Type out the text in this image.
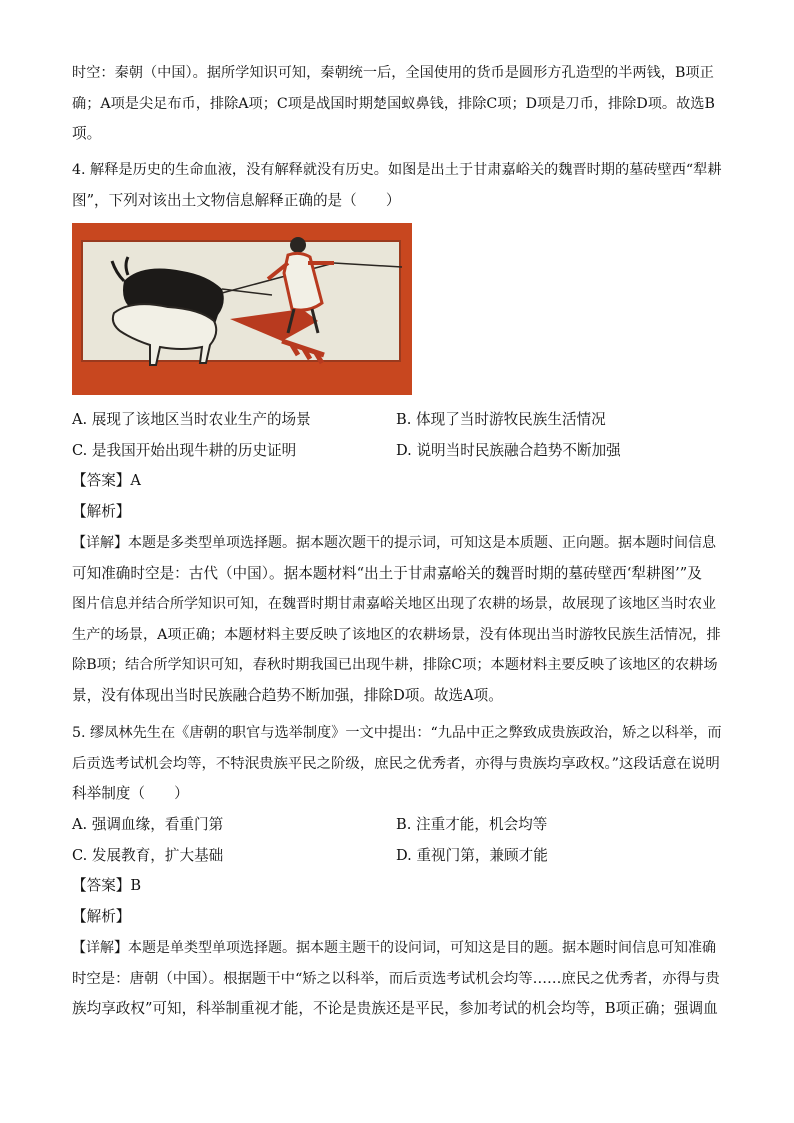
时空：秦朝（中国）。据所学知识可知，秦朝统一后，全国使用的货币是圆形方孔造型的半两钱，B项正
确；A项是尖足布币，排除A项；C项是战国时期楚国蚁鼻钱，排除C项；D项是刀币，排除D项。故选B
项。

4. 解释是历史的生命血液，没有解释就没有历史。如图是出土于甘肃嘉峪关的魏晋时期的墓砖壁西“犁耕
图”，下列对该出土文物信息解释正确的是（　　）

A. 展现了该地区当时农业生产的场景	B. 体现了当时游牧民族生活情况
C. 是我国开始出现牛耕的历史证明	D. 说明当时民族融合趋势不断加强
【答案】A
【解析】

【详解】本题是多类型单项选择题。据本题次题干的提示词，可知这是本质题、正向题。据本题时间信息
可知准确时空是：古代（中国）。据本题材料“出土于甘肃嘉峪关的魏晋时期的墓砖壁西‘犁耕图’”及
图片信息并结合所学知识可知，在魏晋时期甘肃嘉峪关地区出现了农耕的场景，故展现了该地区当时农业
生产的场景，A项正确；本题材料主要反映了该地区的农耕场景，没有体现出当时游牧民族生活情况，排
除B项；结合所学知识可知，春秋时期我国已出现牛耕，排除C项；本题材料主要反映了该地区的农耕场
景，没有体现出当时民族融合趋势不断加强，排除D项。故选A项。

5. 缪凤林先生在《唐朝的职官与选举制度》一文中提出：“九品中正之弊致成贵族政治，矫之以科举，而
后贡选考试机会均等，不特泯贵族平民之阶级，庶民之优秀者，亦得与贵族均享政权。”这段话意在说明
科举制度（　　）

A. 强调血缘，看重门第	B. 注重才能，机会均等
C. 发展教育，扩大基础	D. 重视门第，兼顾才能
【答案】B
【解析】

【详解】本题是单类型单项选择题。据本题主题干的设问词，可知这是目的题。据本题时间信息可知准确
时空是：唐朝（中国）。根据题干中“矫之以科举，而后贡选考试机会均等……庶民之优秀者，亦得与贵
族均享政权”可知，科举制重视才能，不论是贵族还是平民，参加考试的机会均等，B项正确；强调血
